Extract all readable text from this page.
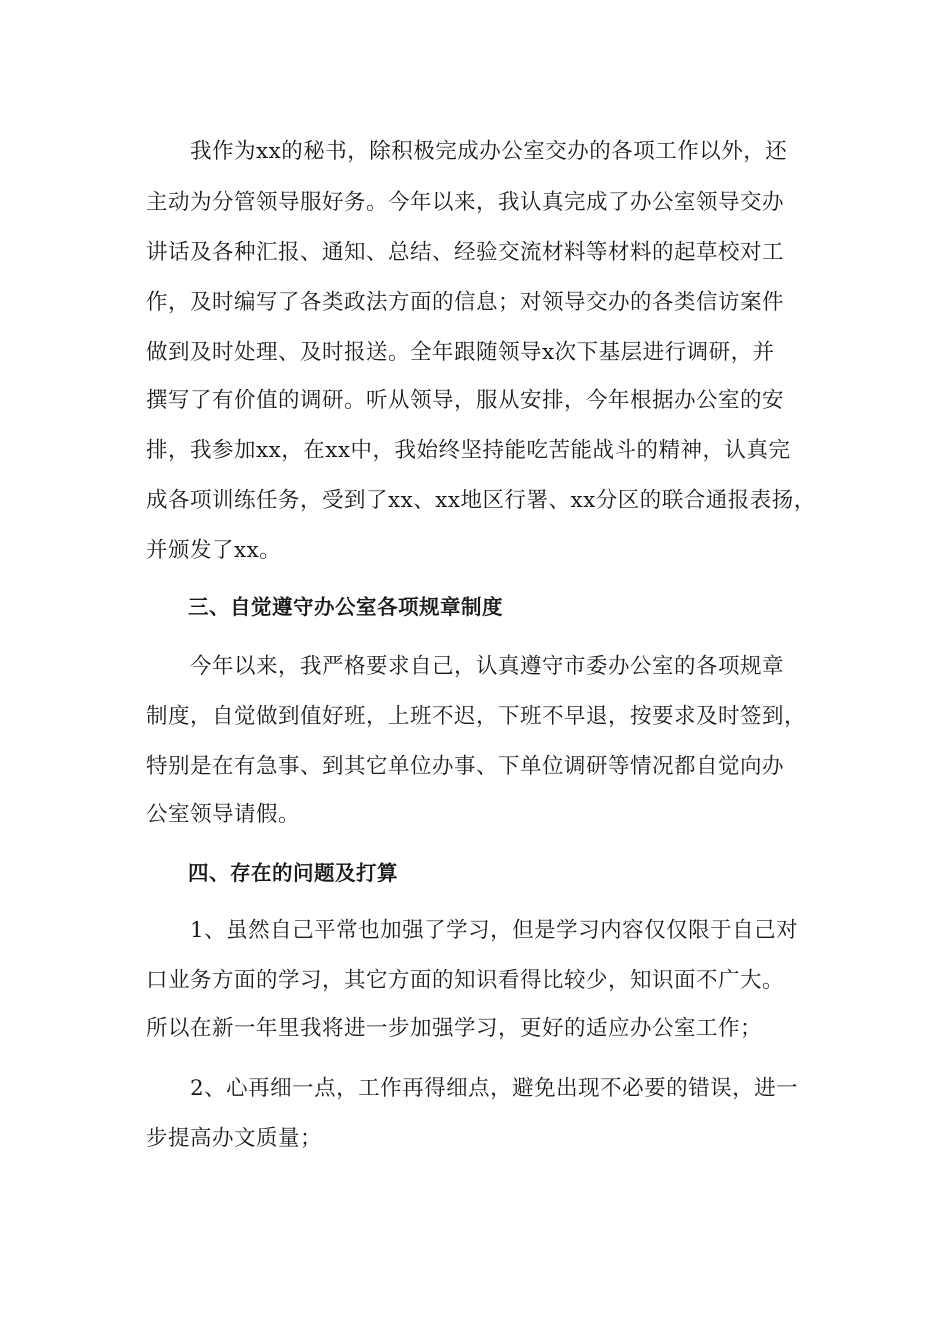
　　我作为xx的秘书，除积极完成办公室交办的各项工作以外，还
主动为分管领导服好务。今年以来，我认真完成了办公室领导交办
讲话及各种汇报、通知、总结、经验交流材料等材料的起草校对工
作，及时编写了各类政法方面的信息；对领导交办的各类信访案件
做到及时处理、及时报送。全年跟随领导x次下基层进行调研，并
撰写了有价值的调研。听从领导，服从安排，今年根据办公室的安
排，我参加xx，在xx中，我始终坚持能吃苦能战斗的精神，认真完
成各项训练任务，受到了xx、xx地区行署、xx分区的联合通报表扬，
并颁发了xx。
　　三、自觉遵守办公室各项规章制度
　　今年以来，我严格要求自己，认真遵守市委办公室的各项规章
制度，自觉做到值好班，上班不迟，下班不早退，按要求及时签到，
特别是在有急事、到其它单位办事、下单位调研等情况都自觉向办
公室领导请假。
　　四、存在的问题及打算
　　1、虽然自己平常也加强了学习，但是学习内容仅仅限于自己对
口业务方面的学习，其它方面的知识看得比较少，知识面不广大。
所以在新一年里我将进一步加强学习，更好的适应办公室工作；
　　2、心再细一点，工作再得细点，避免出现不必要的错误，进一
步提高办文质量；
